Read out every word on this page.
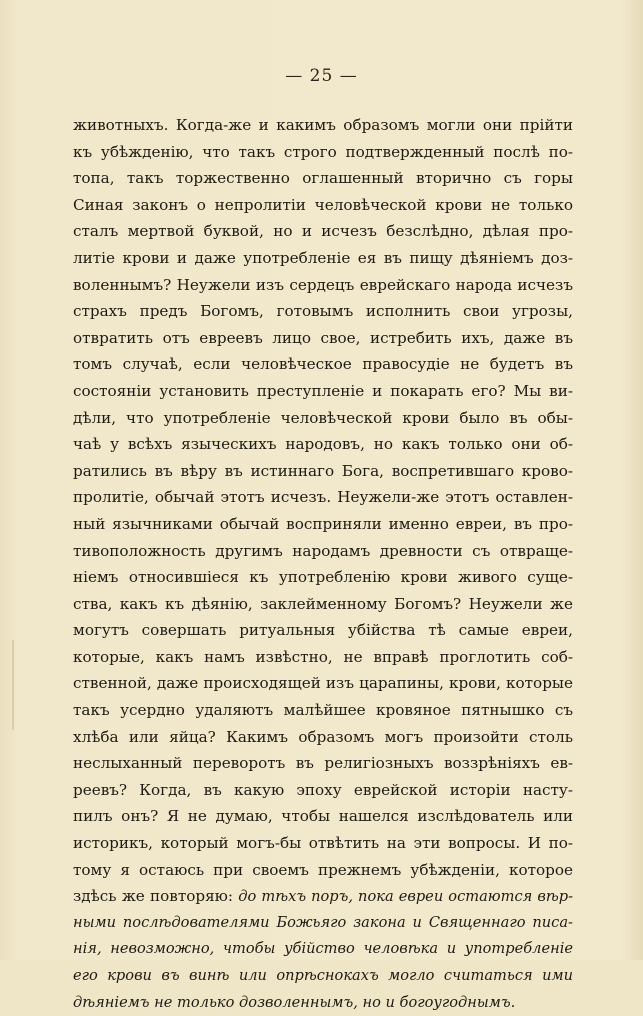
— 25 —
животныхъ. Когда-же и какимъ образомъ могли они прійти
къ убѣжденію, что такъ строго подтвержденный послѣ по-
топа, такъ торжественно оглашенный вторично съ горы
Синая законъ о непролитіи человѣческой крови не только
сталъ мертвой буквой, но и исчезъ безслѣдно, дѣлая про-
литіе крови и даже употребленіе ея въ пищу дѣяніемъ доз-
воленнымъ? Неужели изъ сердецъ еврейскаго народа исчезъ
страхъ предъ Богомъ, готовымъ исполнить свои угрозы,
отвратить отъ евреевъ лицо свое, истребить ихъ, даже въ
томъ случаѣ, если человѣческое правосудіе не будетъ въ
состояніи установить преступленіе и покарать его? Мы ви-
дѣли, что употребленіе человѣческой крови было въ обы-
чаѣ у всѣхъ языческихъ народовъ, но какъ только они об-
ратились въ вѣру въ истиннаго Бога, воспретившаго крово-
пролитіе, обычай этотъ исчезъ. Неужели-же этотъ оставлен-
ный язычниками обычай восприняли именно евреи, въ про-
тивоположность другимъ народамъ древности съ отвраще-
ніемъ относившіеся къ употребленію крови живого суще-
ства, какъ къ дѣянію, заклейменному Богомъ? Неужели же
могутъ совершать ритуальныя убійства тѣ самые евреи,
которые, какъ намъ извѣстно, не вправѣ проглотить соб-
ственной, даже происходящей изъ царапины, крови, которые
такъ усердно удаляютъ малѣйшее кровяное пятнышко съ
хлѣба или яйца? Какимъ образомъ могъ произойти столь
неслыханный переворотъ въ религіозныхъ воззрѣніяхъ ев-
реевъ? Когда, въ какую эпоху еврейской исторіи насту-
пилъ онъ? Я не думаю, чтобы нашелся изслѣдователь или
историкъ, который могъ-бы отвѣтить на эти вопросы. И по-
тому я остаюсь при своемъ прежнемъ убѣжденіи, которое
здѣсь же повторяю: до тѣхъ поръ, пока евреи остаются вѣр-
ными послѣдователями Божьяго закона и Священнаго писа-
нія, невозможно, чтобы убійство человѣка и употребленіе
его крови въ винѣ или опрѣснокахъ могло считаться ими
дѣяніемъ не только дозволеннымъ, но и богоугоднымъ.
